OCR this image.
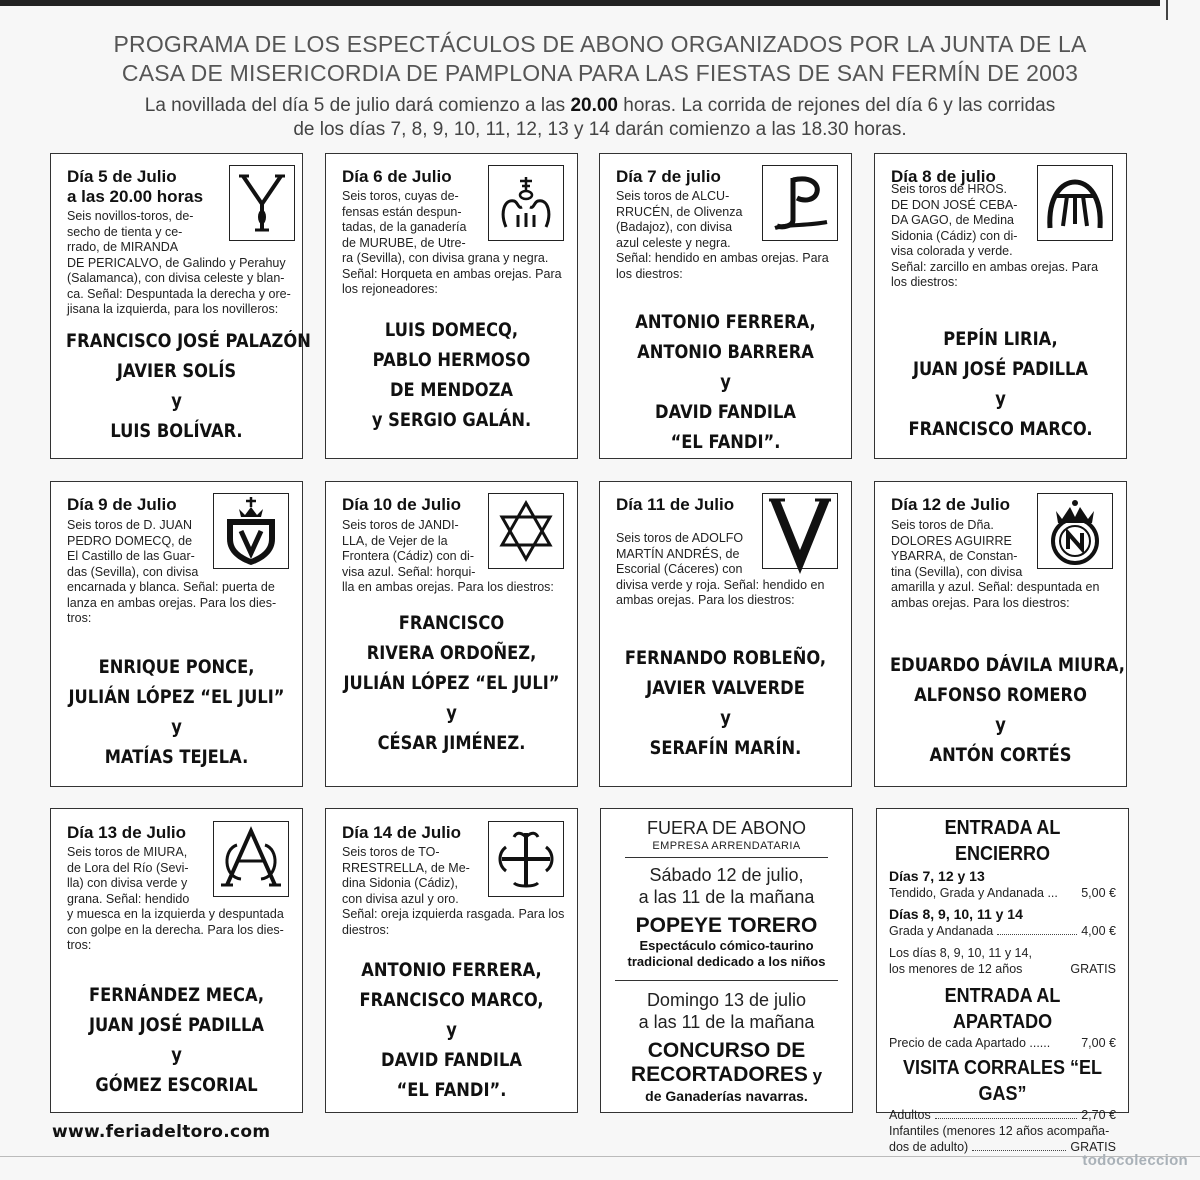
PROGRAMA DE LOS ESPECTÁCULOS DE ABONO ORGANIZADOS POR LA JUNTA DE LA
CASA DE MISERICORDIA DE PAMPLONA PARA LAS FIESTAS DE SAN FERMÍN DE 2003
La novillada del día 5 de julio dará comienzo a las 20.00 horas. La corrida de rejones del día 6 y las corridas
de los días 7, 8, 9, 10, 11, 12, 13 y 14 darán comienzo a las 18.30 horas.
Día 5 de Julio
a las 20.00 horas
Seis novillos-toros, de-
secho de tienta y ce-
rrado, de MIRANDA
DE PERICALVO, de Galindo y Perahuy
(Salamanca), con divisa celeste y blan-
ca. Señal: Despuntada la derecha y ore-
jisana la izquierda, para los novilleros:
FRANCISCO JOSÉ PALAZÓN
JAVIER SOLÍS
y
LUIS BOLÍVAR.
Día 6 de Julio
Seis toros, cuyas de-
fensas están despun-
tadas, de la ganadería
de MURUBE, de Utre-
ra (Sevilla), con divisa grana y negra.
Señal: Horqueta en ambas orejas. Para
los rejoneadores:
LUIS DOMECQ,
PABLO HERMOSO
DE MENDOZA
y SERGIO GALÁN.
Día 7 de julio
Seis toros de ALCU-
RRUCÉN, de Olivenza
(Badajoz), con divisa
azul celeste y negra.
Señal: hendido en ambas orejas. Para
los diestros:
ANTONIO FERRERA,
ANTONIO BARRERA
y
DAVID FANDILA
“EL FANDI”.
Día 8 de julio
Seis toros de HROS.
DE DON JOSÉ CEBA-
DA GAGO, de Medina
Sidonia (Cádiz) con di-
visa colorada y verde.
Señal: zarcillo en ambas orejas. Para
los diestros:
PEPÍN LIRIA,
JUAN JOSÉ PADILLA
y
FRANCISCO MARCO.
Día 9 de Julio
Seis toros de D. JUAN
PEDRO DOMECQ, de
El Castillo de las Guar-
das (Sevilla), con divisa
encarnada y blanca. Señal: puerta de
lanza en ambas orejas. Para los dies-
tros:
ENRIQUE PONCE,
JULIÁN LÓPEZ “EL JULI”
y
MATÍAS TEJELA.
Día 10 de Julio
Seis toros de JANDI-
LLA, de Vejer de la
Frontera (Cádiz) con di-
visa azul. Señal: horqui-
lla en ambas orejas. Para los diestros:
FRANCISCO
RIVERA ORDOÑEZ,
JULIÁN LÓPEZ “EL JULI”
y
CÉSAR JIMÉNEZ.
Día 11 de Julio
Seis toros de ADOLFO
MARTÍN ANDRÉS, de
Escorial (Cáceres) con
divisa verde y roja. Señal: hendido en
ambas orejas. Para los diestros:
FERNANDO ROBLEÑO,
JAVIER VALVERDE
y
SERAFÍN MARÍN.
Día 12 de Julio
Seis toros de Dña.
DOLORES AGUIRRE
YBARRA, de Constan-
tina (Sevilla), con divisa
amarilla y azul. Señal: despuntada en
ambas orejas. Para los diestros:
EDUARDO DÁVILA MIURA,
ALFONSO ROMERO
y
ANTÓN CORTÉS
Día 13 de Julio
Seis toros de MIURA,
de Lora del Río (Sevi-
lla) con divisa verde y
grana. Señal: hendido
y muesca en la izquierda y despuntada
con golpe en la derecha. Para los dies-
tros:
FERNÁNDEZ MECA,
JUAN JOSÉ PADILLA
y
GÓMEZ ESCORIAL
Día 14 de Julio
Seis toros de TO-
RRESTRELLA, de Me-
dina Sidonia (Cádiz),
con divisa azul y oro.
Señal: oreja izquierda rasgada. Para los
diestros:
ANTONIO FERRERA,
FRANCISCO MARCO,
y
DAVID FANDILA
“EL FANDI”.
FUERA DE ABONO
EMPRESA ARRENDATARIA
Sábado 12 de julio,
a las 11 de la mañana
POPEYE TORERO
Espectáculo cómico-taurino
tradicional dedicado a los niños
Domingo 13 de julio
a las 11 de la mañana
CONCURSO DE
RECORTADORES y
de Ganaderías navarras.
ENTRADA AL ENCIERRO
Días 7, 12 y 13
Tendido, Grada y Andanada ... 5,00 €
Días 8, 9, 10, 11 y 14
Grada y Andanada	4,00 €
Los días 8, 9, 10, 11 y 14,
los menores de 12 años	GRATIS
ENTRADA AL APARTADO
Precio de cada Apartado ...... 7,00 €
VISITA CORRALES “EL GAS”
Adultos	2,70 €
Infantiles (menores 12 años acompaña-
dos de adulto)	GRATIS
www.feriadeltoro.com
todocoleccion
